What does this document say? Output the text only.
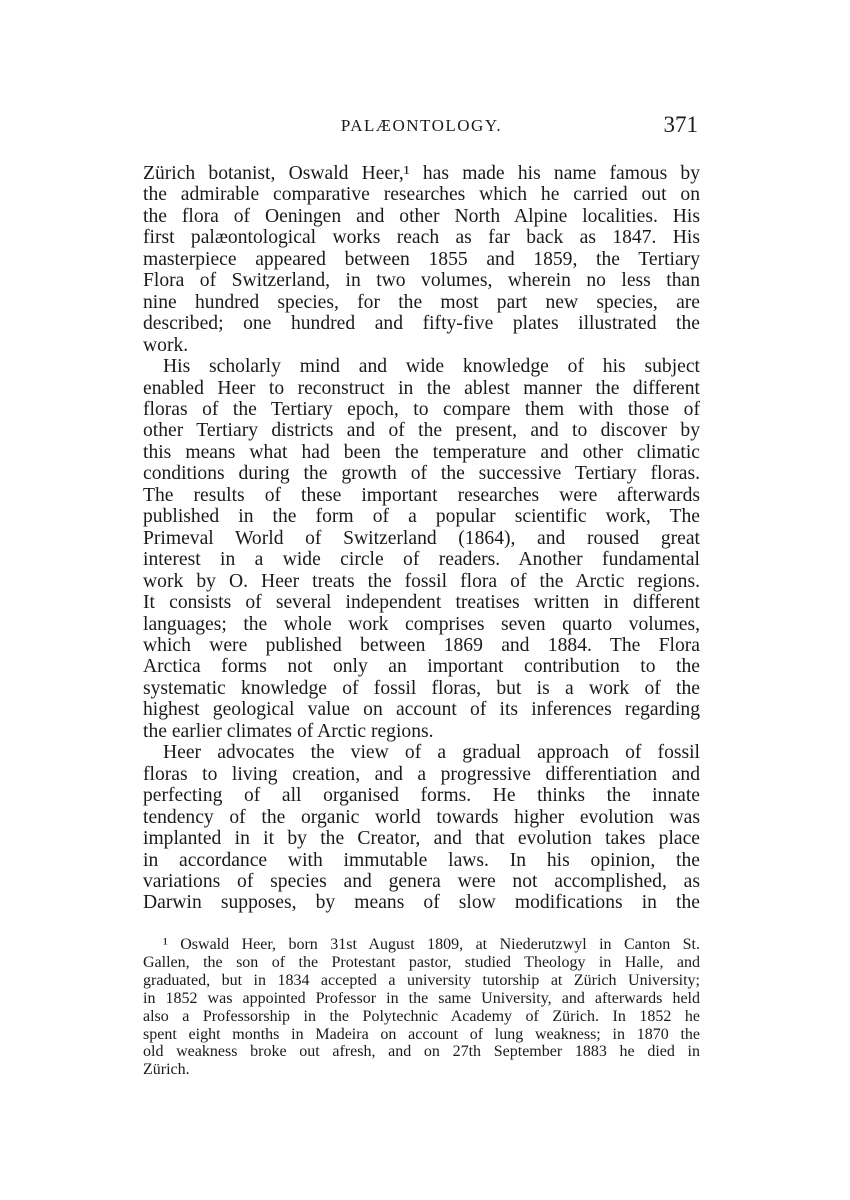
PALÆONTOLOGY.	371
Zürich botanist, Oswald Heer,¹ has made his name famous by
the admirable comparative researches which he carried out on
the flora of Oeningen and other North Alpine localities. His
first palæontological works reach as far back as 1847. His
masterpiece appeared between 1855 and 1859, the Tertiary
Flora of Switzerland, in two volumes, wherein no less than
nine hundred species, for the most part new species, are
described; one hundred and fifty-five plates illustrated the
work.
His scholarly mind and wide knowledge of his subject
enabled Heer to reconstruct in the ablest manner the different
floras of the Tertiary epoch, to compare them with those of
other Tertiary districts and of the present, and to discover by
this means what had been the temperature and other climatic
conditions during the growth of the successive Tertiary floras.
The results of these important researches were afterwards
published in the form of a popular scientific work, The
Primeval World of Switzerland (1864), and roused great
interest in a wide circle of readers. Another fundamental
work by O. Heer treats the fossil flora of the Arctic regions.
It consists of several independent treatises written in different
languages; the whole work comprises seven quarto volumes,
which were published between 1869 and 1884. The Flora
Arctica forms not only an important contribution to the
systematic knowledge of fossil floras, but is a work of the
highest geological value on account of its inferences regarding
the earlier climates of Arctic regions.
Heer advocates the view of a gradual approach of fossil
floras to living creation, and a progressive differentiation and
perfecting of all organised forms. He thinks the innate
tendency of the organic world towards higher evolution was
implanted in it by the Creator, and that evolution takes place
in accordance with immutable laws. In his opinion, the
variations of species and genera were not accomplished, as
Darwin supposes, by means of slow modifications in the
¹ Oswald Heer, born 31st August 1809, at Niederutzwyl in Canton St.
Gallen, the son of the Protestant pastor, studied Theology in Halle, and
graduated, but in 1834 accepted a university tutorship at Zürich University;
in 1852 was appointed Professor in the same University, and afterwards held
also a Professorship in the Polytechnic Academy of Zürich. In 1852 he
spent eight months in Madeira on account of lung weakness; in 1870 the
old weakness broke out afresh, and on 27th September 1883 he died in
Zürich.
